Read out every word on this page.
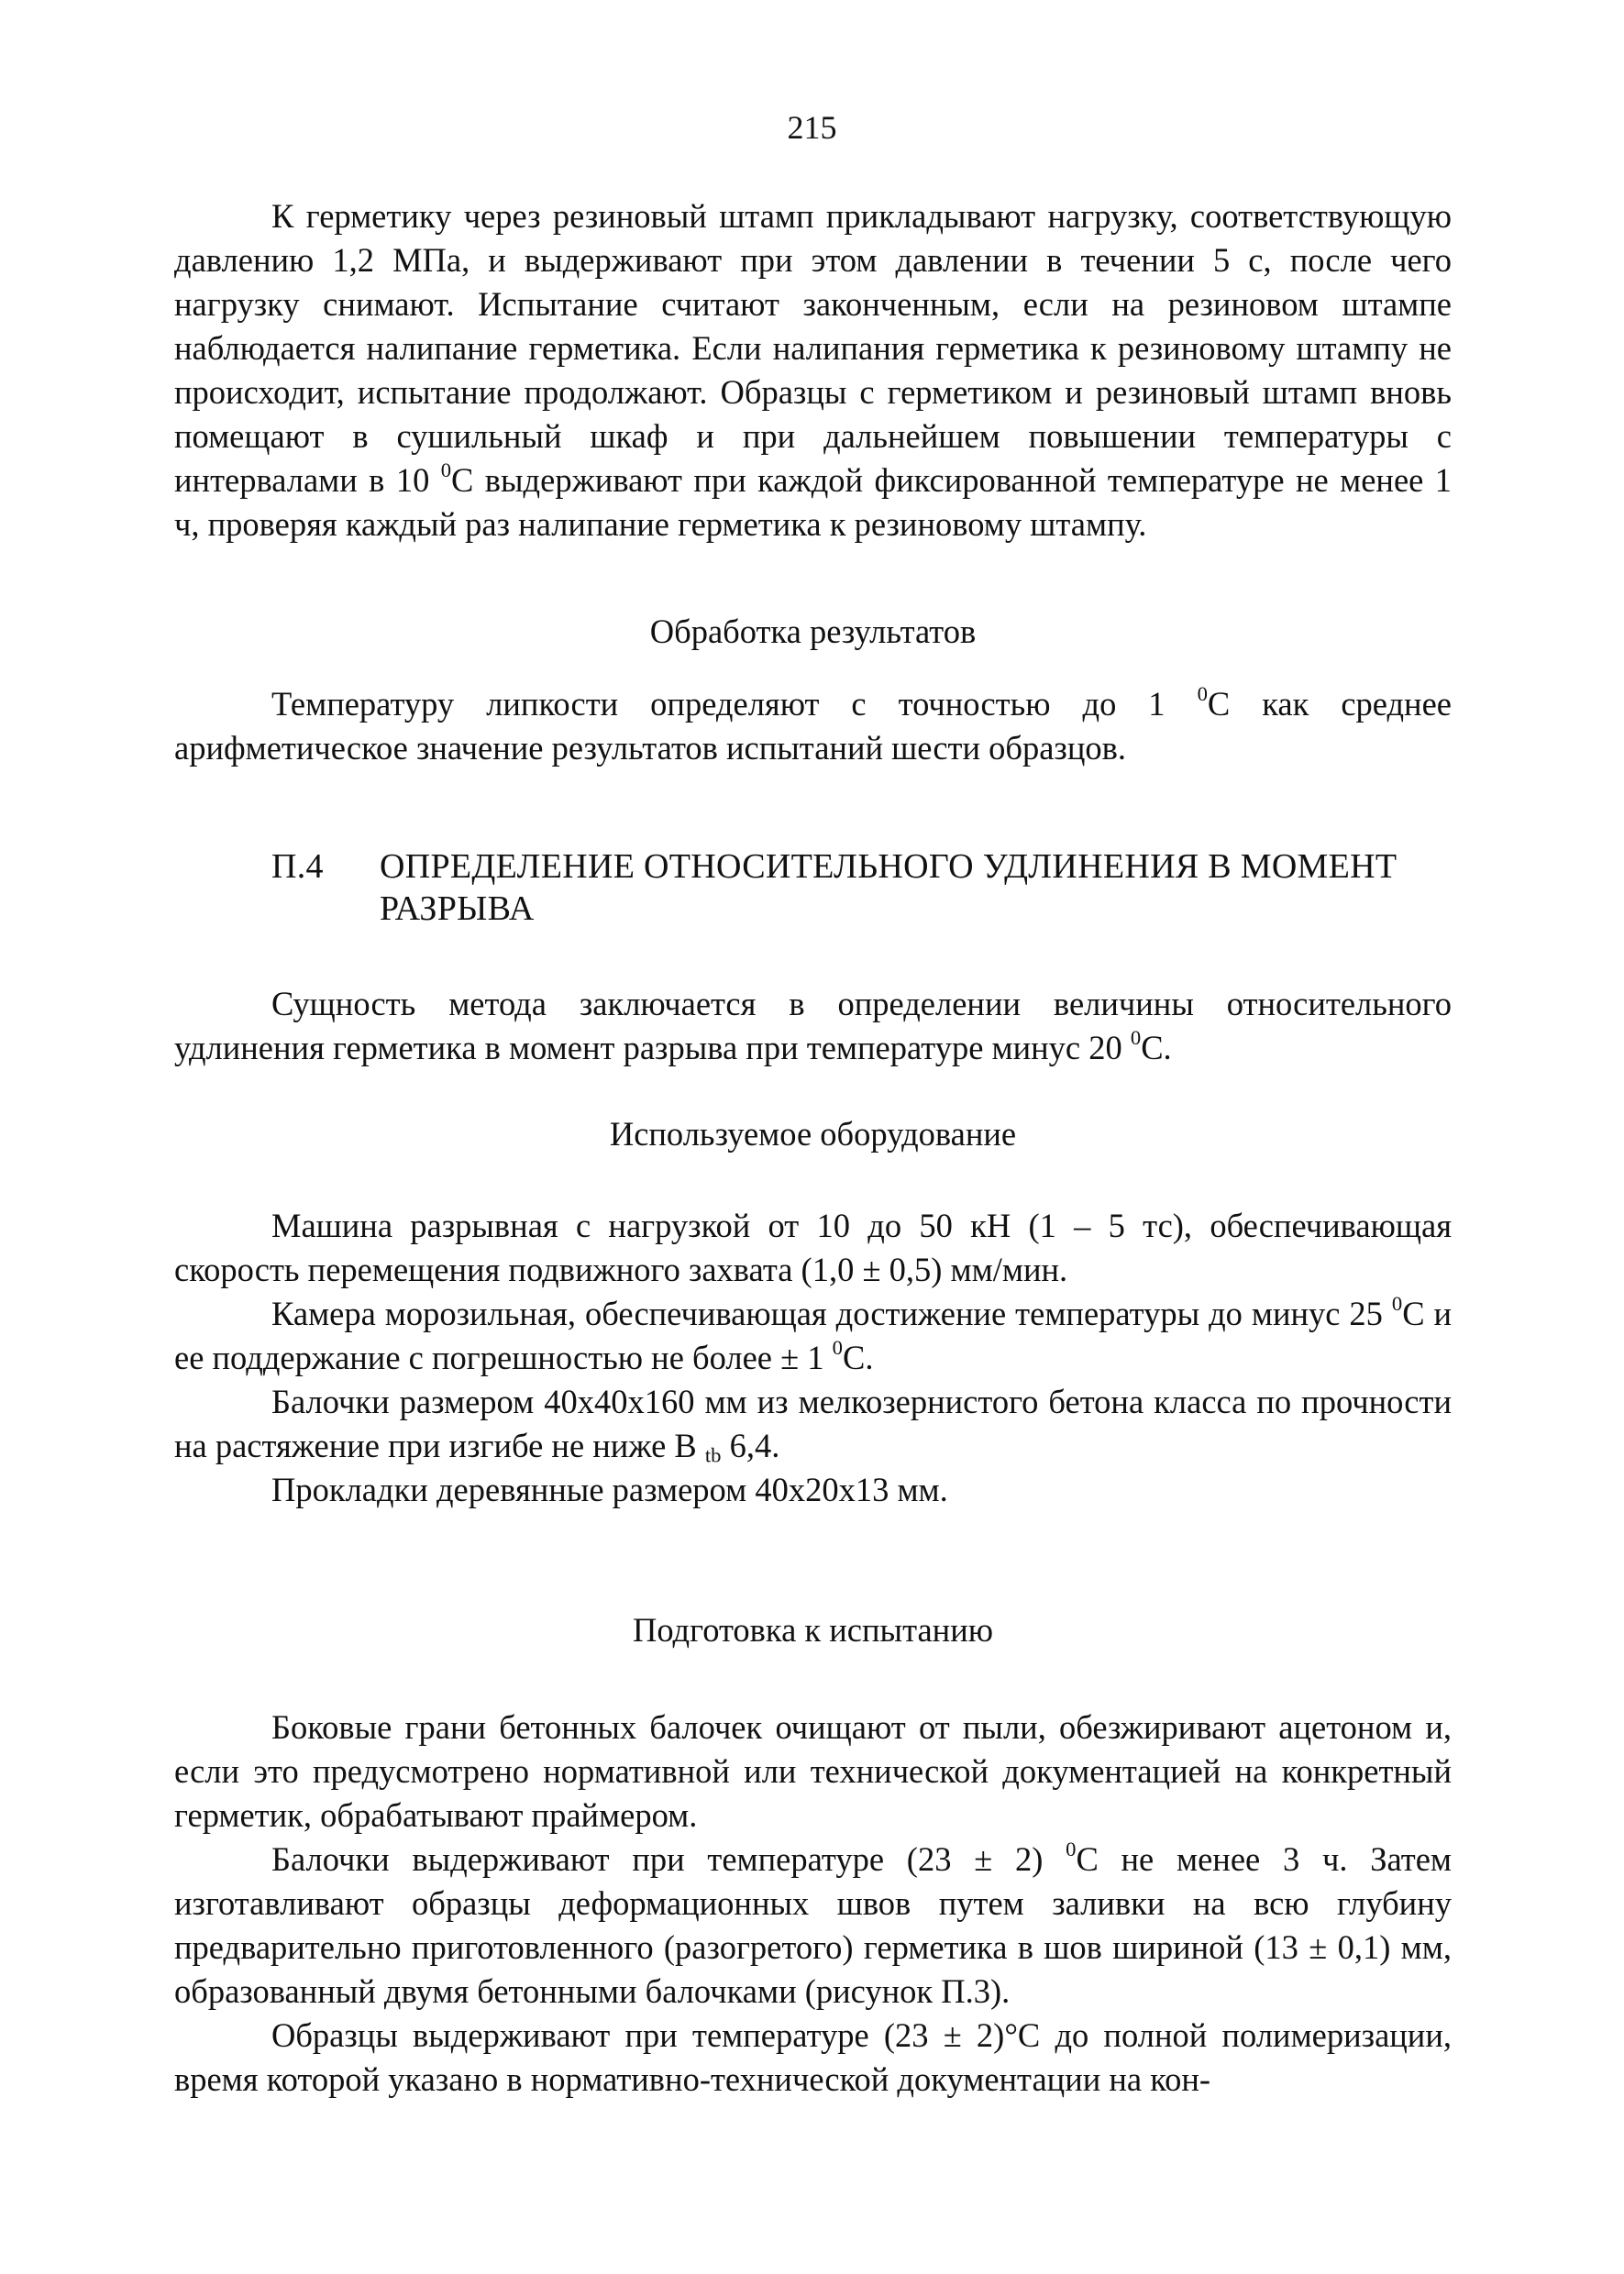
215

К герметику через резиновый штамп прикладывают нагрузку, соответствующую давлению 1,2 МПа, и выдерживают при этом давлении в течении 5 с, после чего нагрузку снимают. Испытание считают законченным, если на резиновом штампе наблюдается налипание герметика. Если налипания герметика к резиновому штампу не происходит, испытание продолжают. Образцы с герметиком и резиновый штамп вновь помещают в сушильный шкаф и при дальнейшем повышении температуры с интервалами в 10 $^0$С выдерживают при каждой фиксированной температуре не менее 1 ч, проверяя каждый раз налипание герметика к резиновому штампу.

Обработка результатов

Температуру липкости определяют с точностью до 1 $^0$С как среднее арифметическое значение результатов испытаний шести образцов.

П.4	ОПРЕДЕЛЕНИЕ ОТНОСИТЕЛЬНОГО УДЛИНЕНИЯ В МОМЕНТ РАЗРЫВА

Сущность метода заключается в определении величины относительного удлинения герметика в момент разрыва при температуре минус 20 $^0$С.

Используемое оборудование

Машина разрывная с нагрузкой от 10 до 50 кН (1 – 5 тс), обеспечивающая скорость перемещения подвижного захвата (1,0 ± 0,5) мм/мин.

Камера морозильная, обеспечивающая достижение температуры до минус 25 $^0$С и ее поддержание с погрешностью не более ± 1 $^0$С.

Балочки размером 40х40х160 мм из мелкозернистого бетона класса по прочности на растяжение при изгибе не ниже В $_{tb}$ 6,4.

Прокладки деревянные размером 40х20х13 мм.

Подготовка к испытанию

Боковые грани бетонных балочек очищают от пыли, обезжиривают ацетоном и, если это предусмотрено нормативной или технической документацией на конкретный герметик, обрабатывают праймером.

Балочки выдерживают при температуре (23 ± 2) $^0$С не менее 3 ч. Затем изготавливают образцы деформационных швов путем заливки на всю глубину предварительно приготовленного (разогретого) герметика в шов шириной (13 ± 0,1) мм, образованный двумя бетонными балочками (рисунок П.3).

Образцы выдерживают при температуре (23 ± 2)°С до полной полимеризации, время которой указано в нормативно-технической документации на кон-
